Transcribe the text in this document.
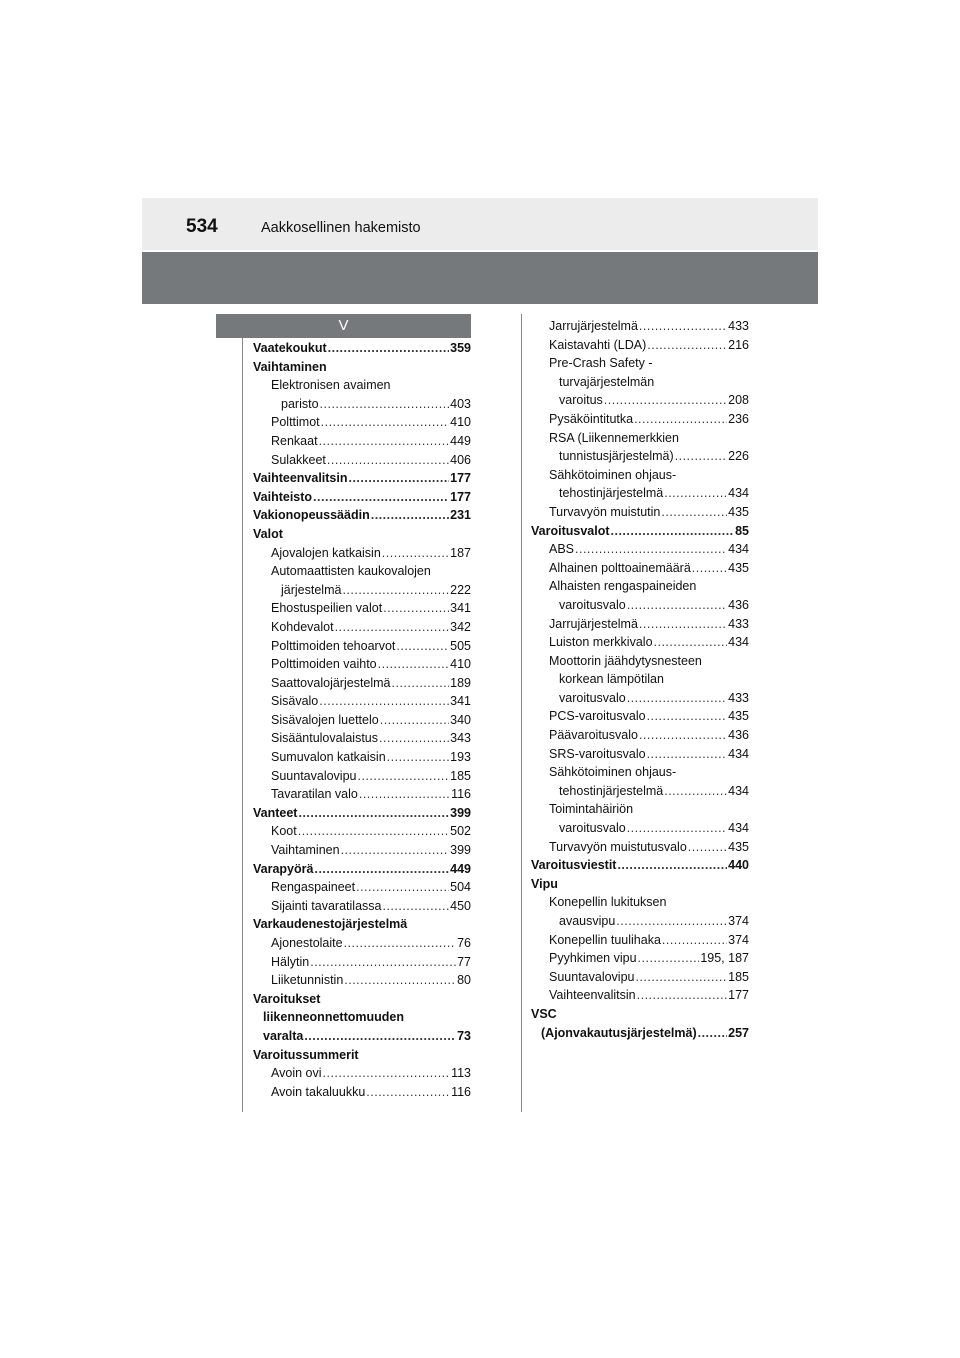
534	Aakkosellinen hakemisto
V
Vaatekoukut .....	359
Vaihtaminen
Elektronisen avaimen
paristo .....	403
Polttimot .....	410
Renkaat .....	449
Sulakkeet .....	406
Vaihteenvalitsin .....	177
Vaihteisto .....	177
Vakionopeussäädin .....	231
Valot
Ajovalojen katkaisin .....	187
Automaattisten kaukovalojen
järjestelmä .....	222
Ehostuspeilien valot .....	341
Kohdevalot .....	342
Polttimoiden tehoarvot .....	505
Polttimoiden vaihto .....	410
Saattovalojärjestelmä .....	189
Sisävalo .....	341
Sisävalojen luettelo .....	340
Sisääntulovalaistus .....	343
Sumuvalon katkaisin .....	193
Suuntavalovipu .....	185
Tavaratilan valo .....	116
Vanteet .....	399
Koot .....	502
Vaihtaminen .....	399
Varapyörä .....	449
Rengaspaineet .....	504
Sijainti tavaratilassa .....	450
Varkaudenestojärjestelmä
Ajonestolaite .....	76
Hälytin .....	77
Liiketunnistin .....	80
Varoitukset
liikenneonnettomuuden
varalta .....	73
Varoitussummerit
Avoin ovi .....	113
Avoin takaluukku .....	116
Jarrujärjestelmä .....	433
Kaistavahti (LDA) .....	216
Pre-Crash Safety -
turvajärjestelmän
varoitus .....	208
Pysäköintitutka .....	236
RSA (Liikennemerkkien
tunnistusjärjestelmä) .....	226
Sähkötoiminen ohjaus-
tehostinjärjestelmä .....	434
Turvavyön muistutin .....	435
Varoitusvalot .....	85
ABS .....	434
Alhainen polttoainemäärä .....	435
Alhaisten rengaspaineiden
varoitusvalo .....	436
Jarrujärjestelmä .....	433
Luiston merkkivalo .....	434
Moottorin jäähdytysnesteen
korkean lämpötilan
varoitusvalo .....	433
PCS-varoitusvalo .....	435
Päävaroitusvalo .....	436
SRS-varoitusvalo .....	434
Sähkötoiminen ohjaus-
tehostinjärjestelmä .....	434
Toimintahäiriön
varoitusvalo .....	434
Turvavyön muistutusvalo .....	435
Varoitusviestit .....	440
Vipu
Konepellin lukituksen
avausvipu .....	374
Konepellin tuulihaka .....	374
Pyyhkimen vipu .....	195, 187
Suuntavalovipu .....	185
Vaihteenvalitsin .....	177
VSC
(Ajonvakautusjärjestelmä) .....	257
